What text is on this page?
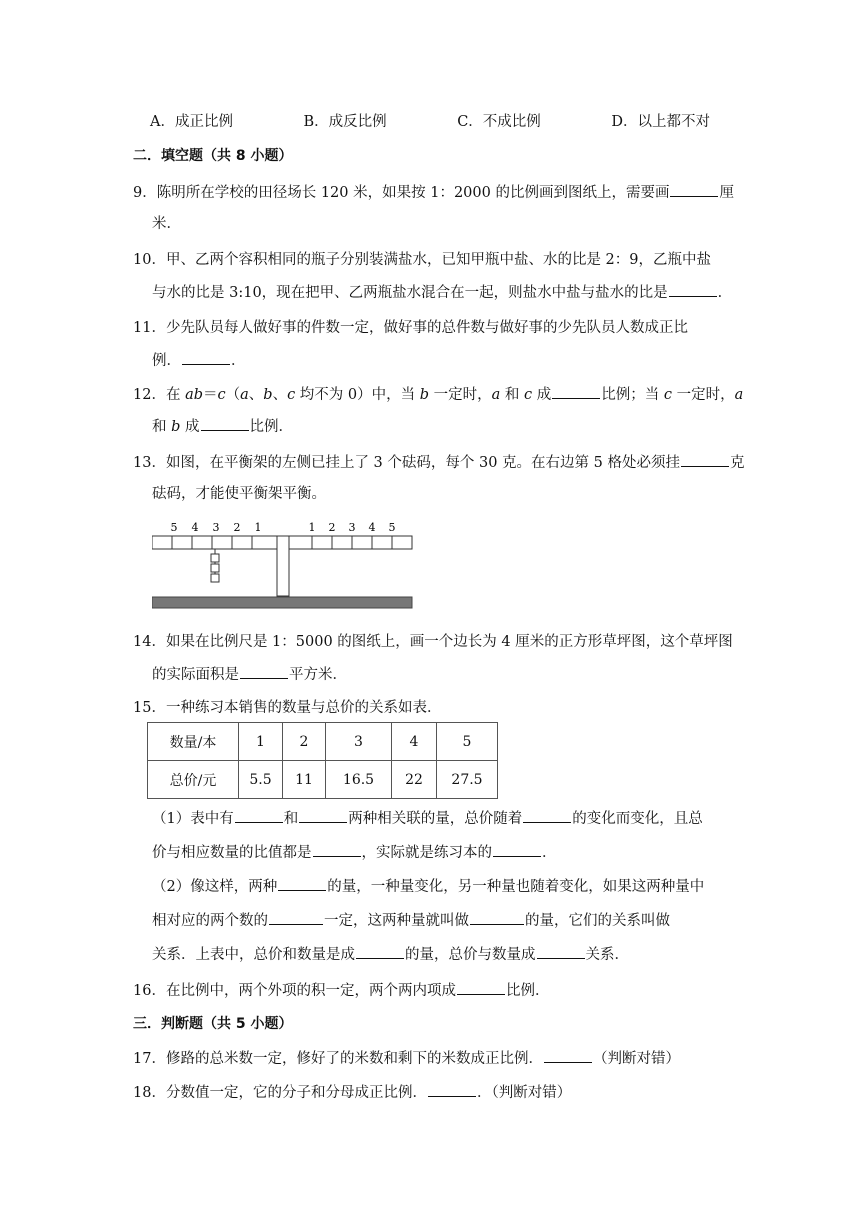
A．成正比例	B．成反比例	C．不成比例	D．以上都不对
二．填空题（共 8 小题）
9．陈明所在学校的田径场长 120 米，如果按 1：2000 的比例画到图纸上，需要画	厘
米．
10．甲、乙两个容积相同的瓶子分别装满盐水，已知甲瓶中盐、水的比是 2：9，乙瓶中盐
与水的比是 3:10，现在把甲、乙两瓶盐水混合在一起，则盐水中盐与盐水的比是	．
11．少先队员每人做好事的件数一定，做好事的总件数与做好事的少先队员人数成正比
例．	．
12．在 ab＝c（a、b、c 均不为 0）中，当 b 一定时，a 和 c 成	比例；当 c 一定时，a
和 b 成	比例．
13．如图，在平衡架的左侧已挂上了 3 个砝码，每个 30 克。在右边第 5 格处必须挂	克
砝码，才能使平衡架平衡。
5 4 3 2 1	1 2 3 4 5
14．如果在比例尺是 1：5000 的图纸上，画一个边长为 4 厘米的正方形草坪图，这个草坪图
的实际面积是	平方米．
15．一种练习本销售的数量与总价的关系如表．
数量/本	1	2	3	4	5
总价/元	5.5	11	16.5	22	27.5
（1）表中有	和	两种相关联的量，总价随着	的变化而变化，且总
价与相应数量的比值都是	，实际就是练习本的	．
（2）像这样，两种	的量，一种量变化，另一种量也随着变化，如果这两种量中
相对应的两个数的	一定，这两种量就叫做	的量，它们的关系叫做
关系．上表中，总价和数量是成	的量，总价与数量成	关系．
16．在比例中，两个外项的积一定，两个两内项成	比例．
三．判断题（共 5 小题）
17．修路的总米数一定，修好了的米数和剩下的米数成正比例．	（判断对错）
18．分数值一定，它的分子和分母成正比例．	．（判断对错）
